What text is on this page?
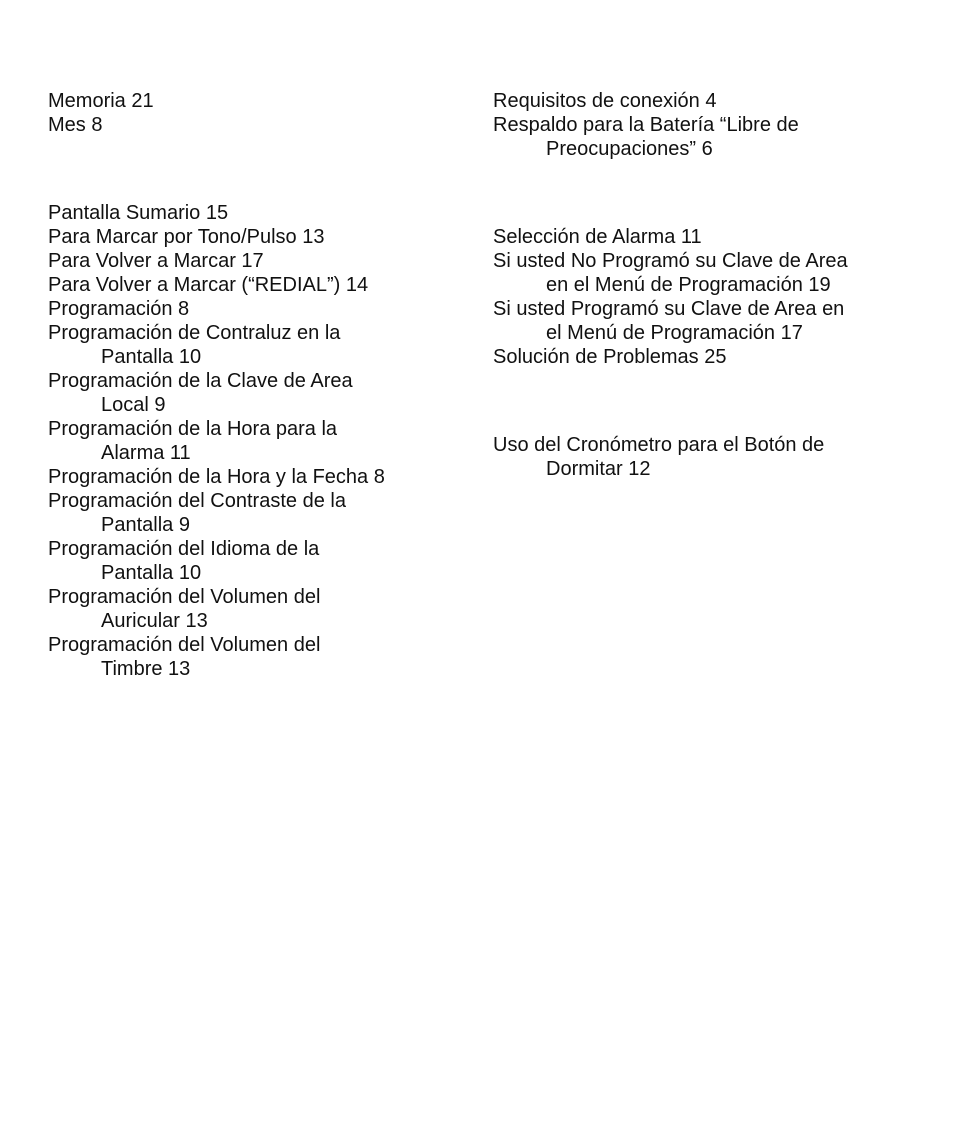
Memoria 21
Mes 8
Pantalla Sumario 15
Para Marcar por Tono/Pulso 13
Para Volver a Marcar 17
Para Volver a Marcar (“REDIAL”) 14
Programación 8
Programación de Contraluz en la
Pantalla 10
Programación de la Clave de Area
Local 9
Programación de la Hora para la
Alarma 11
Programación de la Hora y la Fecha 8
Programación del Contraste de la
Pantalla 9
Programación del Idioma de la
Pantalla 10
Programación del Volumen del
Auricular 13
Programación del Volumen del
Timbre 13
Requisitos de conexión 4
Respaldo para la Batería “Libre de
Preocupaciones” 6
Selección de Alarma 11
Si usted No Programó su Clave de Area
en el Menú de Programación 19
Si usted Programó su Clave de Area en
el Menú de Programación 17
Solución de Problemas 25
Uso del Cronómetro para el Botón de
Dormitar 12
